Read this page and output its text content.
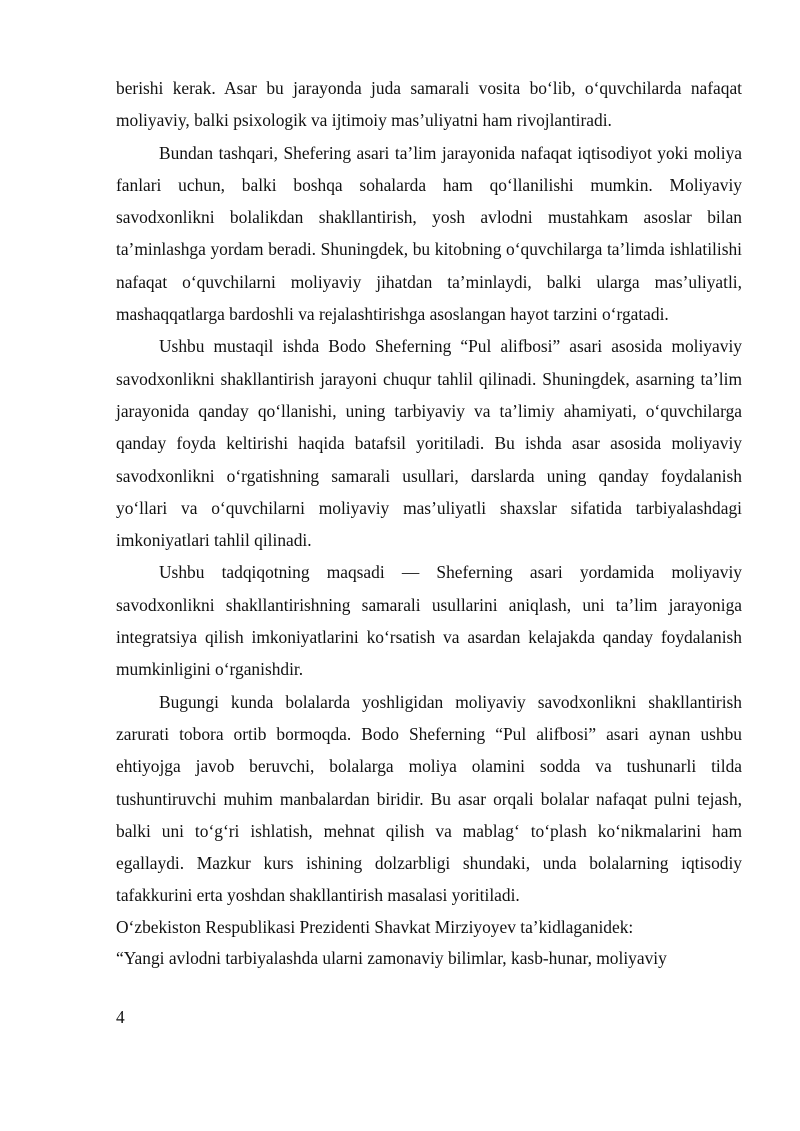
berishi kerak. Asar bu jarayonda juda samarali vosita bo‘lib, o‘quvchilarda nafaqat moliyaviy, balki psixologik va ijtimoiy mas’uliyatni ham rivojlantiradi.

Bundan tashqari, Shefering asari ta’lim jarayonida nafaqat iqtisodiyot yoki moliya fanlari uchun, balki boshqa sohalarda ham qo‘llanilishi mumkin. Moliyaviy savodxonlikni bolalikdan shakllantirish, yosh avlodni mustahkam asoslar bilan ta’minlashga yordam beradi. Shuningdek, bu kitobning o‘quvchilarga ta’limda ishlatilishi nafaqat o‘quvchilarni moliyaviy jihatdan ta’minlaydi, balki ularga mas’uliyatli, mashaqqatlarga bardoshli va rejalashtirishga asoslangan hayot tarzini o‘rgatadi.

Ushbu mustaqil ishda Bodo Sheferning “Pul alifbosi” asari asosida moliyaviy savodxonlikni shakllantirish jarayoni chuqur tahlil qilinadi. Shuningdek, asarning ta’lim jarayonida qanday qo‘llanishi, uning tarbiyaviy va ta’limiy ahamiyati, o‘quvchilarga qanday foyda keltirishi haqida batafsil yoritiladi. Bu ishda asar asosida moliyaviy savodxonlikni o‘rgatishning samarali usullari, darslarda uning qanday foydalanish yo‘llari va o‘quvchilarni moliyaviy mas’uliyatli shaxslar sifatida tarbiyalashdagi imkoniyatlari tahlil qilinadi.

Ushbu tadqiqotning maqsadi — Sheferning asari yordamida moliyaviy savodxonlikni shakllantirishning samarali usullarini aniqlash, uni ta’lim jarayoniga integratsiya qilish imkoniyatlarini ko‘rsatish va asardan kelajakda qanday foydalanish mumkinligini o‘rganishdir.

Bugungi kunda bolalarda yoshligidan moliyaviy savodxonlikni shakllantirish zarurati tobora ortib bormoqda. Bodo Sheferning “Pul alifbosi” asari aynan ushbu ehtiyojga javob beruvchi, bolalarga moliya olamini sodda va tushunarli tilda tushuntiruvchi muhim manbalardan biridir. Bu asar orqali bolalar nafaqat pulni tejash, balki uni to‘g‘ri ishlatish, mehnat qilish va mablag‘ to‘plash ko‘nikmalarini ham egallaydi. Mazkur kurs ishining dolzarbligi shundaki, unda bolalarning iqtisodiy tafakkurini erta yoshdan shakllantirish masalasi yoritiladi.

O‘zbekiston Respublikasi Prezidenti Shavkat Mirziyoyev ta’kidlaganidek:

“Yangi avlodni tarbiyalashda ularni zamonaviy bilimlar, kasb-hunar, moliyaviy

4
